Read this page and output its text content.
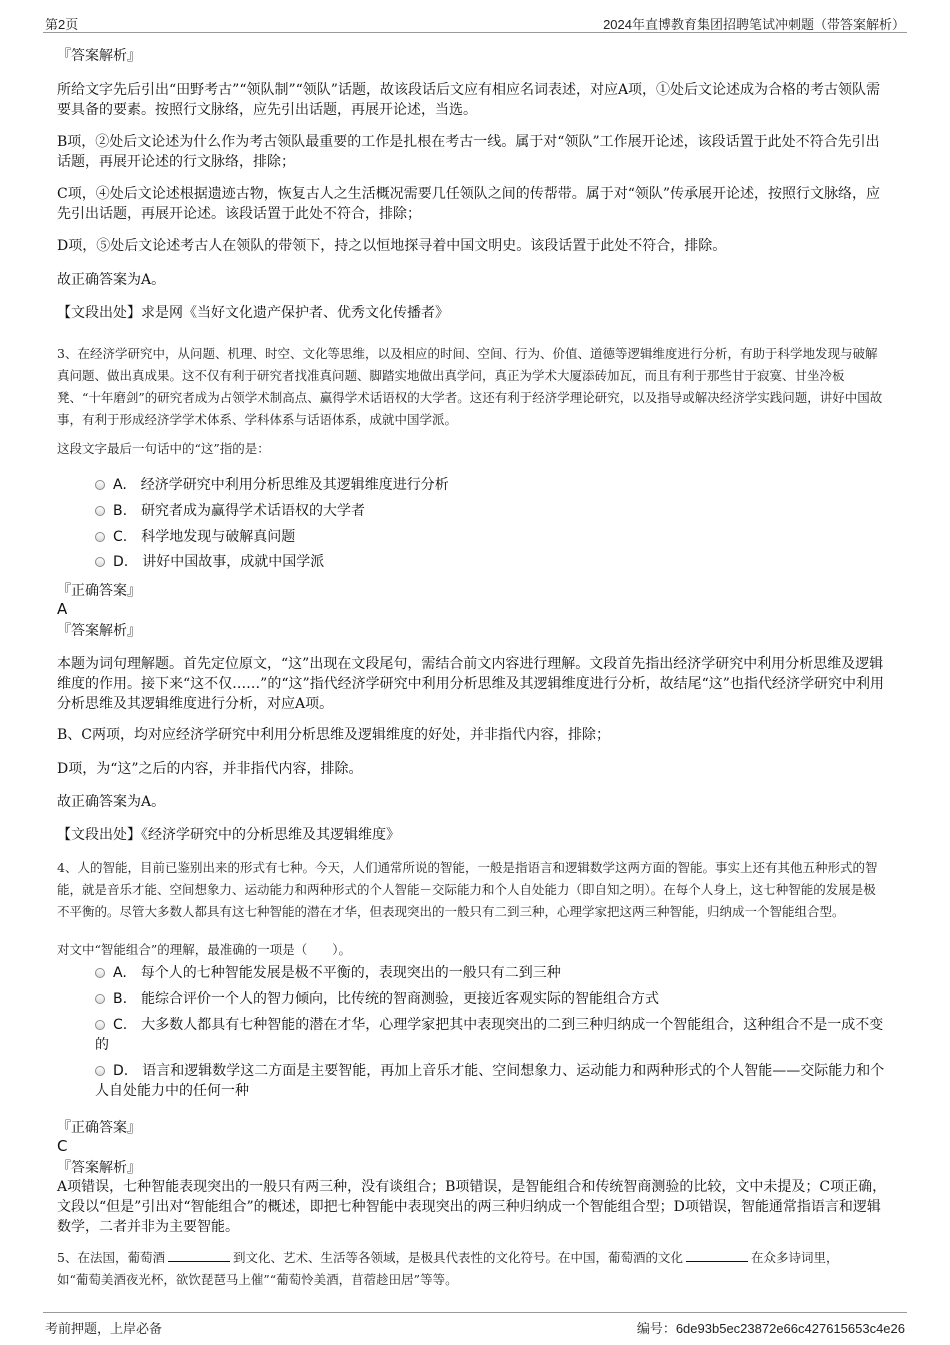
第2页	2024年直博教育集团招聘笔试冲刺题（带答案解析）
『答案解析』
所给文字先后引出“田野考古”“领队制”“领队”话题，故该段话后文应有相应名词表述，对应A项，①处后文论述成为合格的考古领队需要具备的要素。按照行文脉络，应先引出话题，再展开论述，当选。
B项，②处后文论述为什么作为考古领队最重要的工作是扎根在考古一线。属于对“领队”工作展开论述，该段话置于此处不符合先引出话题，再展开论述的行文脉络，排除；
C项，④处后文论述根据遗迹古物，恢复古人之生活概况需要几任领队之间的传帮带。属于对“领队”传承展开论述，按照行文脉络，应先引出话题，再展开论述。该段话置于此处不符合，排除；
D项，⑤处后文论述考古人在领队的带领下，持之以恒地探寻着中国文明史。该段话置于此处不符合，排除。
故正确答案为A。
【文段出处】求是网《当好文化遗产保护者、优秀文化传播者》
3、在经济学研究中，从问题、机理、时空、文化等思维，以及相应的时间、空间、行为、价值、道德等逻辑维度进行分析，有助于科学地发现与破解真问题、做出真成果。这不仅有利于研究者找准真问题、脚踏实地做出真学问，真正为学术大厦添砖加瓦，而且有利于那些甘于寂寞、甘坐冷板凳、“十年磨剑”的研究者成为占领学术制高点、赢得学术话语权的大学者。这还有利于经济学理论研究，以及指导或解决经济学实践问题，讲好中国故事，有利于形成经济学学术体系、学科体系与话语体系，成就中国学派。
这段文字最后一句话中的“这”指的是：
A. 经济学研究中利用分析思维及其逻辑维度进行分析
B. 研究者成为赢得学术话语权的大学者
C. 科学地发现与破解真问题
D. 讲好中国故事，成就中国学派
『正确答案』
A
『答案解析』
本题为词句理解题。首先定位原文，“这”出现在文段尾句，需结合前文内容进行理解。文段首先指出经济学研究中利用分析思维及逻辑维度的作用。接下来“这不仅……”的“这”指代经济学研究中利用分析思维及其逻辑维度进行分析，故结尾“这”也指代经济学研究中利用分析思维及其逻辑维度进行分析，对应A项。
B、C两项，均对应经济学研究中利用分析思维及逻辑维度的好处，并非指代内容，排除；
D项，为“这”之后的内容，并非指代内容，排除。
故正确答案为A。
【文段出处】《经济学研究中的分析思维及其逻辑维度》
4、人的智能，目前已鉴别出来的形式有七种。今天，人们通常所说的智能，一般是指语言和逻辑数学这两方面的智能。事实上还有其他五种形式的智能，就是音乐才能、空间想象力、运动能力和两种形式的个人智能－交际能力和个人自处能力（即自知之明）。在每个人身上，这七种智能的发展是极不平衡的。尽管大多数人都具有这七种智能的潜在才华，但表现突出的一般只有二到三种，心理学家把这两三种智能，归纳成一个智能组合型。
对文中“智能组合”的理解，最准确的一项是（　　）。
A. 每个人的七种智能发展是极不平衡的，表现突出的一般只有二到三种
B. 能综合评价一个人的智力倾向，比传统的智商测验，更接近客观实际的智能组合方式
C. 大多数人都具有七种智能的潜在才华，心理学家把其中表现突出的二到三种归纳成一个智能组合，这种组合不是一成不变的
D. 语言和逻辑数学这二方面是主要智能，再加上音乐才能、空间想象力、运动能力和两种形式的个人智能——交际能力和个人自处能力中的任何一种
『正确答案』
C
『答案解析』
A项错误，七种智能表现突出的一般只有两三种，没有谈组合；B项错误，是智能组合和传统智商测验的比较，文中未提及；C项正确，文段以“但是”引出对“智能组合”的概述，即把七种智能中表现突出的两三种归纳成一个智能组合型；D项错误，智能通常指语言和逻辑数学，二者并非为主要智能。
5、在法国，葡萄酒	到文化、艺术、生活等各领域，是极具代表性的文化符号。在中国，葡萄酒的文化	在众多诗词里，
如“葡萄美酒夜光杯，欲饮琵琶马上催”“葡萄怜美酒，苜蓿趁田居”等等。
考前押题，上岸必备	编号：6de93b5ec23872e66c427615653c4e26
